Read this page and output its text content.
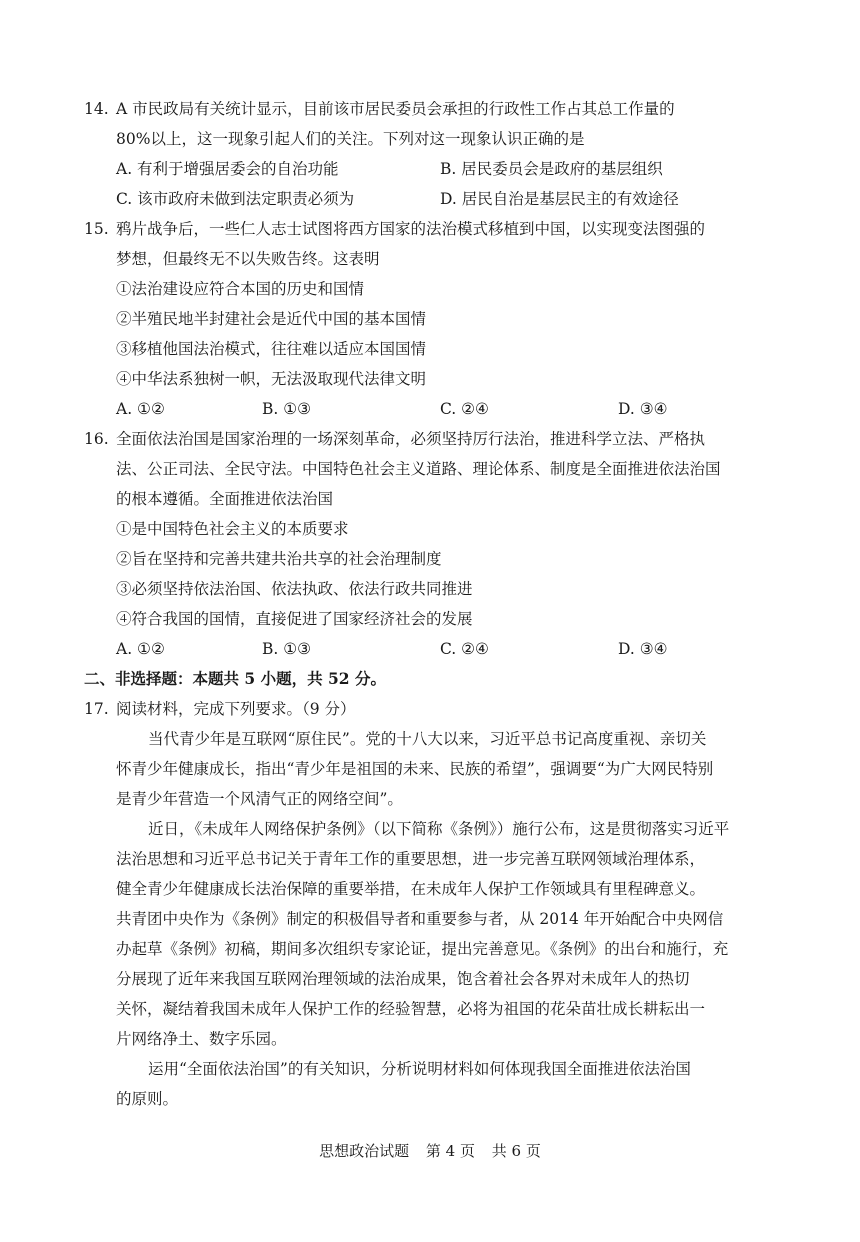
14. A 市民政局有关统计显示，目前该市居民委员会承担的行政性工作占其总工作量的
80%以上，这一现象引起人们的关注。下列对这一现象认识正确的是
A. 有利于增强居委会的自治功能	B. 居民委员会是政府的基层组织
C. 该市政府未做到法定职责必须为	D. 居民自治是基层民主的有效途径
15. 鸦片战争后，一些仁人志士试图将西方国家的法治模式移植到中国，以实现变法图强的
梦想，但最终无不以失败告终。这表明
①法治建设应符合本国的历史和国情
②半殖民地半封建社会是近代中国的基本国情
③移植他国法治模式，往往难以适应本国国情
④中华法系独树一帜，无法汲取现代法律文明
A. ①②	B. ①③	C. ②④	D. ③④
16. 全面依法治国是国家治理的一场深刻革命，必须坚持厉行法治，推进科学立法、严格执
法、公正司法、全民守法。中国特色社会主义道路、理论体系、制度是全面推进依法治国
的根本遵循。全面推进依法治国
①是中国特色社会主义的本质要求
②旨在坚持和完善共建共治共享的社会治理制度
③必须坚持依法治国、依法执政、依法行政共同推进
④符合我国的国情，直接促进了国家经济社会的发展
A. ①②	B. ①③	C. ②④	D. ③④
二、非选择题：本题共 5 小题，共 52 分。
17. 阅读材料，完成下列要求。（9 分）
当代青少年是互联网“原住民”。党的十八大以来，习近平总书记高度重视、亲切关
怀青少年健康成长，指出“青少年是祖国的未来、民族的希望”，强调要“为广大网民特别
是青少年营造一个风清气正的网络空间”。
近日，《未成年人网络保护条例》（以下简称《条例》）施行公布，这是贯彻落实习近平
法治思想和习近平总书记关于青年工作的重要思想，进一步完善互联网领域治理体系，
健全青少年健康成长法治保障的重要举措，在未成年人保护工作领域具有里程碑意义。
共青团中央作为《条例》制定的积极倡导者和重要参与者，从 2014 年开始配合中央网信
办起草《条例》初稿，期间多次组织专家论证，提出完善意见。《条例》的出台和施行，充
分展现了近年来我国互联网治理领域的法治成果，饱含着社会各界对未成年人的热切
关怀，凝结着我国未成年人保护工作的经验智慧，必将为祖国的花朵苗壮成长耕耘出一
片网络净土、数字乐园。
运用“全面依法治国”的有关知识，分析说明材料如何体现我国全面推进依法治国
的原则。
思想政治试题 第 4 页 共 6 页
